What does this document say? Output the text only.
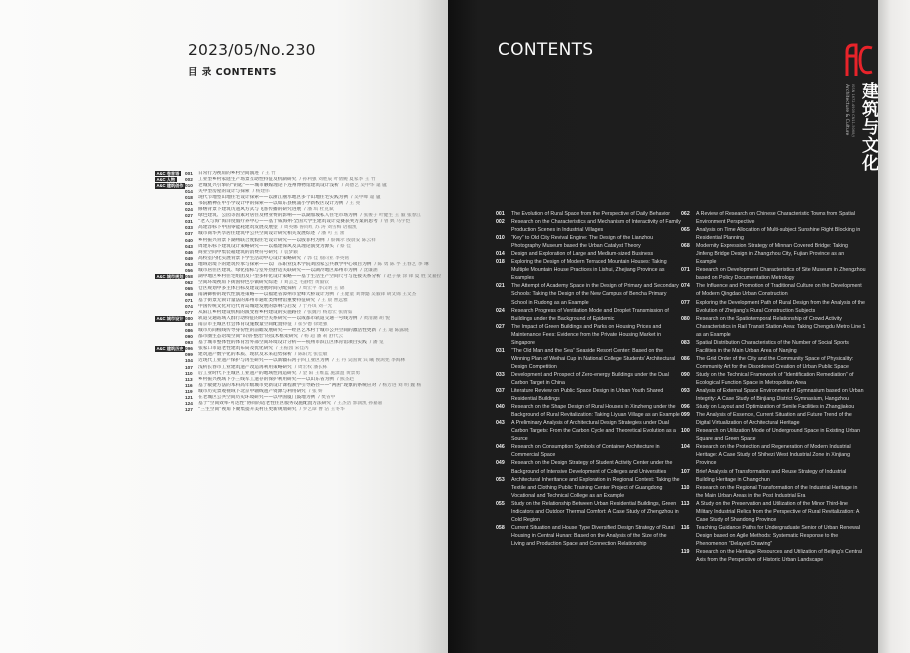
2023/05/No.230
目 录 CONTENTS
A&C 卷首语	001	日常行为视角的乡村空间演进 / 王 竹
A&C 人物	002	工业型乡村家庭生产场景互助性特征及机制研究 / 孙利强 刘胜辰 叶倩婉 夏家李 王 竹
A&C 建筑创作 010	老城复兴引擎的“钥匙”——城市触媒理论下连州博物馆建筑设计浅析 / 高德艺 吴中华 遠 盧
014	关中型房屋的设计与探索 / 杨建伟
018	现代节地型山地住宅设计探索——以浙江丽水地区多个山地住宅实践为例 / 吴中峰 遠 盧
021	书院精神在中小学设计中的探索——以如东县桃浦小学新校区设计为例 / 王 亮
024	修缮背景下建筑历遗风方式与飞客传播的研究进展 / 潘 琪 杜克斌
027	绿色建筑、公园等因素对居住及物业费的影响——以湖加坡私人住宅市场为例 / 张俊子 叶健生 王 毅 张春江
031	“老人与海”海洋度假疗养中心——基于威海州·全国大学生建筑设计竞赛获奖方案的思考 / 曾 典 马宇恺
033	高建容标下中国零能耗建筑发展及展望 / 周英娜 鲁同红 苏 涛 刘雪梅 语福凯
037	城市商华共享居住建筑中公共空间设计研究相关发展综述 / 潘 可 王 蕾
040	乡村振兴背景下湖州联合度假住宅设计研究——以殷菲村为例 / 蔡佩尔 殷晨安 陈云祥
043	周建乐标下建筑设计策略研究——以福建保风及其理论演变为源头 / 蔡 佳
046	商业空间中集装箱建筑的消费符号研究 / 袁梦颖
049	高校室内化实展背景下学生活动中心设计策略研究 / 郭 佳 殷向亚 李英铭
053	地域语境下的建筑传承与探索——以广东职业技术学院刘园家公共教学中心项目为例 / 陈 勇 陈 孚 王春艺 李 琳
056	城市居住区建筑、绿化指标与室外热舒适关联研究——以湖冷地区郑州市为例 / 沈廉涵
A&C 城市规划 058	湖中地区乡村住宅组团及户型多样化设计策略——基于生活生产空间尺寸与连接关系分析 / 赵子豪 涂 锋 夏 胜 文嘉拉
062	空间环境视角下街国特色小镇研究综述 / 刘芸芝 毛静怡 黄毅钦
065	仓区规划中多主体目标及建设进展时间分配探析 / 周宏平 李汉明 王 锦
068	南满御桥的现代性演进策略——以福建省漳州市金峰大桥设计为例 / 王健童 刘博懿 吴毅锋 胡文锦 王文杰
071	基于街景无锁计量法的郑州市通址类博物馆重要特征研究 / 王 晨 曹远雅
074	中国传统文化对近代青岛城建发展的影响与启发 / 于丹琪 刘一光
077	从阳江乡村建设机构的演变看乡村建设的实施路径 / 张魏月 杨恩宏 张倩茹
A&C 城市设计 080	轨道交通站域人群行动特征的时空关系研究——以成都市轨道交通一号线为例 / 黄清潮 胡 悦
083	南京市主城区社会体育设施数量空间配置特征 / 崔少德 徐建强
086	城市历间根线传导身份性的前瞻发展研究——经区艺术村于城市公共空间的激活性更新 / 王 迪 陈露晓
090	都市圈生态语境空间“识别·整治”的技术框架研究 / 杨 超 潘 莉 舒代云
093	基于城市整体性的体育营外部空间环境设计分析——杭州市滨江区体育馆项目实践 / 潘 笕
A&C 建筑历史 096	张家口市道老性建筑布局及优化研究 / 王振园 宋佳芮
099	建筑遗产数字化的本质、现状及未来趋势探析 / 陈阳光 张佳敏
104	近现代工业遗产保护与再生研究——以新疆石河子四工业区为例 / 王 丹 吴国黄 宾 曦 侯鸿宪 李海林
107	浅析长春市工业建筑遗产改造再利用策略研究 / 周宏权 潘长栋
110	后工业时代下主城区工业遗产的地域性再造研究 / 金 阳 王维蓝 施潇盈 黄景勇
113	乡村振兴视域下小三线军工遗存的保护利用研究——以山东省为例 / 熊圣赵
116	基于敏捷方法的本科高年级城市更新设计课程教学引导路径——“两困”现象的系统应对 / 杨芳进 刘 明 魏 杨
119	城市历史景观视域下北京中轴线遗产资源与利用研究 / 张 妍
121	在老城区公共空间历史环境研究——以中国厦门鼓地为例 / 樊省中
124	基于“空间效率-可达性”协同的适老性住区服务设施配置方法研究 / 王杰浩 郭润凯 孙嘉嘉
127	“三生空间”视角下聚集提升美村庄更新规划研究 / 罗艺谭 曹 洁 王冬华
CONTENTS
Architecture & Culture ISSN 1672-4909 CN11-5068/J 建筑与文化
001	The Evolution of Rural Space from the Perspective of Daily Behavior
002	Research on the Characteristics and Mechanism of Interactivity of Family Production Scenes in Industrial Villages
010	“Key” to Old City Revival Engine: The Design of the Lianzhou Photography Museum based the Urban Catalyst Theory
014	Design and Exploration of Large and Medium-sized Business
018	Exploring the Design of Modern Terraced Mountain Houses: Taking Multiple Mountain House Practices in Lishui, Zhejiang Province as Examples
021	The Attempt of Academy Space in the Design of Primary and Secondary Schools: Taking the Design of the New Campus of Bencha Primary School in Rudong as an Example
024	Research Progress of Ventilation Mode and Droplet Transmission of Buildings under the Background of Epidemic
027	The Impact of Green Buildings and Parks on Housing Prices and Maintenance Fees: Evidence from the Private Housing Market in Singapore
031	“The Old Man and the Sea” Seaside Resort Center: Based on the Winning Plan of Weihai Cup in National College Students’ Architectural Design Competition
033	Development and Prospect of Zero-energy Buildings under the Dual Carbon Target in China
037	Literature Review on Public Space Design in Urban Youth Shared Residential Buildings
040	Research on the Shape Design of Rural Houses in Xinzheng under the Background of Rural Revitalization: Taking Liyuan Village as an Example
043	A Preliminary Analysis of Architectural Design Strategies under Dual Carbon Targets: From the Carbon Cycle and Theoretical Evolution as a Source
046	Research on Consumption Symbols of Container Architecture in Commercial Space
049	Research on the Design Strategy of Student Activity Center under the Background of Intensive Development of Colleges and Universities
053	Architectural Inheritance and Exploration in Regional Context: Taking the Textile and Clothing Public Training Center Project of Guangdong Vocational and Technical College as an Example
055	Study on the Relationship Between Urban Residential Buildings, Green Indicators and Outdoor Thermal Comfort: A Case Study of Zhengzhou in Cold Region
058	Current Situation and House Type Diversified Design Strategy of Rural Housing in Central Hunan: Based on the Analysis of the Size of the Living and Production Space and Connection Relationship
062	A Review of Research on Chinese Characteristic Towns from Spatial Environment Perspective
065	Analysis on Time Allocation of Multi-subject Sunshine Right Blocking in Residential Planning
068	Modernity Expression Strategy of Minnan Covered Bridge: Taking Jinfeng Bridge Design in Zhangzhou City, Fujian Province as an Example
071	Research on Development Characteristics of Site Museum in Zhengzhou based on Policy Documentation Metrology
074	The Influence and Promotion of Traditional Culture on the Development of Modern Qingdao Urban Construction
077	Exploring the Development Path of Rural Design from the Analysis of the Evolution of Zhejiang’s Rural Construction Subjects
080	Research on the Spatiotemporal Relationship of Crowd Activity Characteristics in Rail Transit Station Area: Taking Chengdu Metro Line 1 as an Example
083	Spatial Distribution Characteristics of the Number of Social Sports Facilities in the Main Urban Area of Nanjing
086	The Grid Order of the City and the Community Space of Physicality: Community Art for the Disordered Creation of Urban Public Space
090	Study on the Technical Framework of “Identification Remediation” of Ecological Function Space in Metropolitan Area
093	Analysis of External Space Environment of Gymnasium based on Urban Integrity: A Case Study of Binjiang District Gymnasium, Hangzhou
096	Study on Layout and Optimization of Senile Facilities in Zhangjiakou
099	The Analysis of Essence, Current Situation and Future Trend of the Digital Virtualization of Architectural Heritage
100	Research on Utilization Mode of Underground Space in Existing Urban Square and Green Space
104	Research on the Protection and Regeneration of Modern Industrial Heritage: A Case Study of Shihezi West Industrial Zone in Xinjiang Province
107	Brief Analysis of Transformation and Reuse Strategy of Industrial Building Heritage in Changchun
110	Research on the Regional Transformation of the Industrial Heritage in the Main Urban Areas in the Post Industrial Era
113	A Study on the Preservation and Utilization of the Minor Third-line Military Industrial Relics from the Perspective of Rural Revitalization: A Case Study of Shandong Province
116	Teaching Guidance Paths for Undergraduate Senior of Urban Renewal Design based on Agile Methods: Systematic Response to the Phenomenon “Delayed Drawing”
119	Research on the Heritage Resources and Utilization of Beijing’s Central Axis from the Perspective of Historic Urban Landscape
